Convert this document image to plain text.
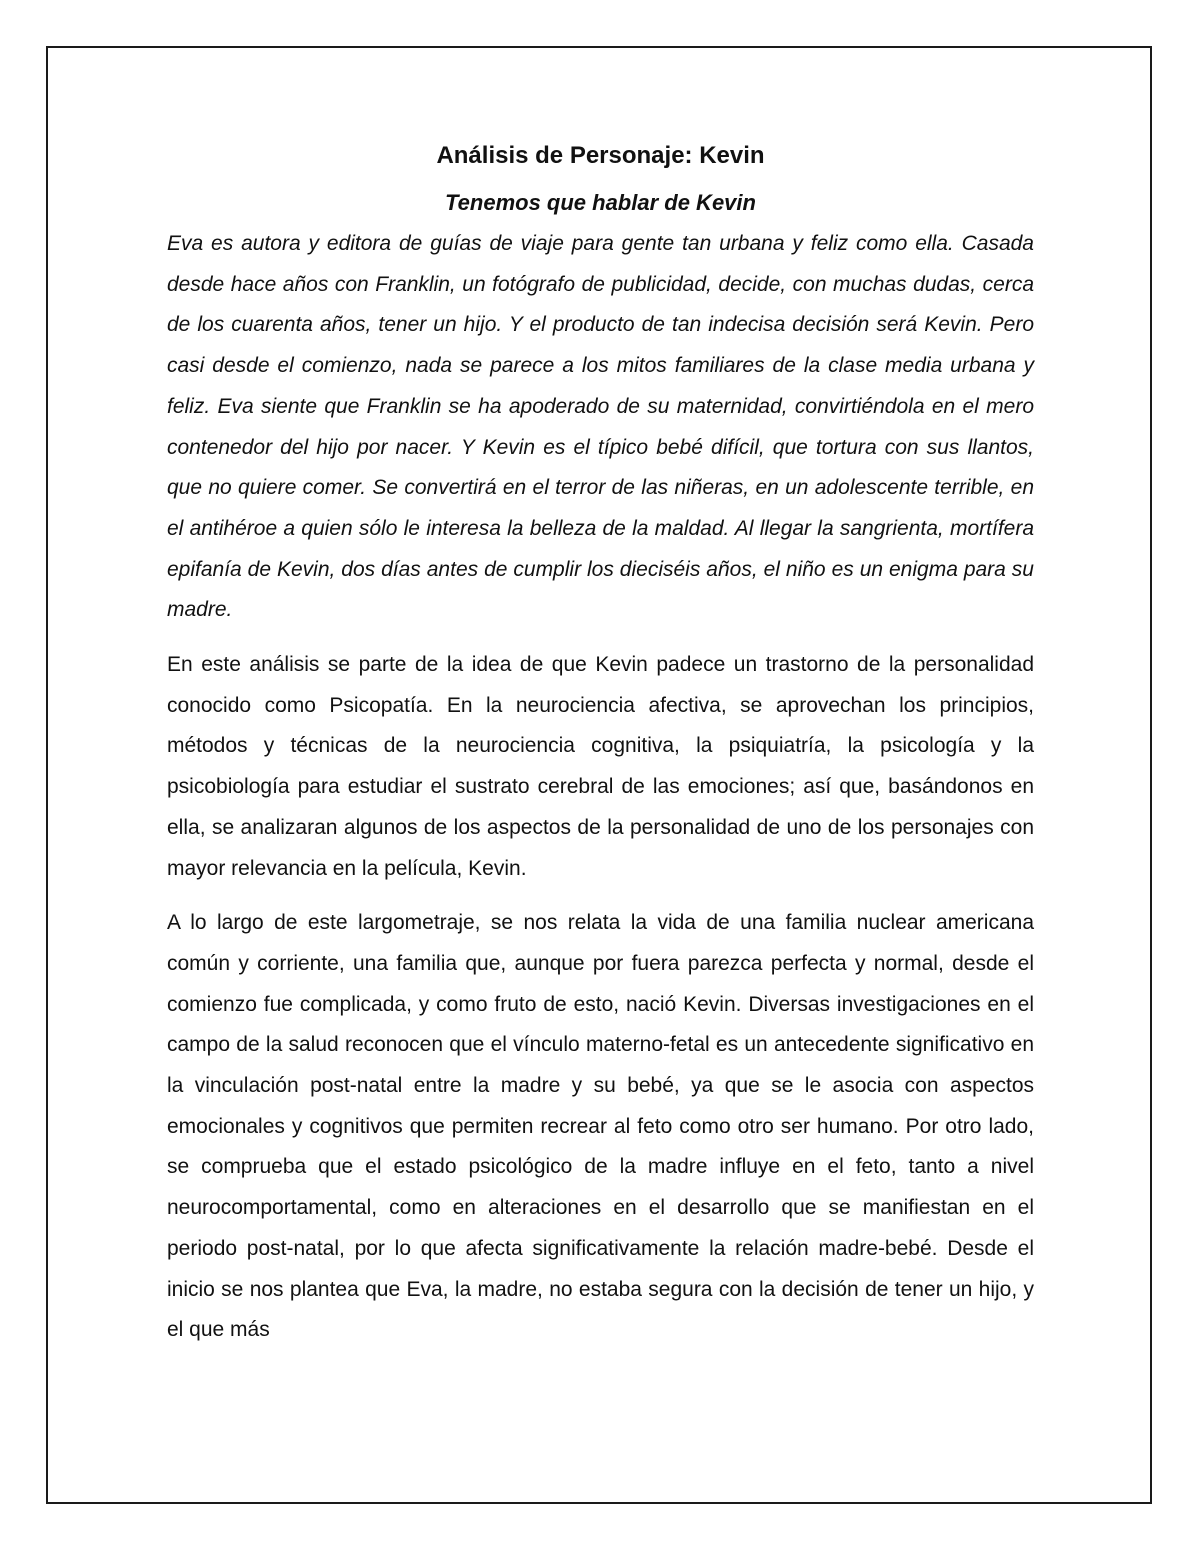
Análisis de Personaje: Kevin
Tenemos que hablar de Kevin

Eva es autora y editora de guías de viaje para gente tan urbana y feliz como ella. Casada desde hace años con Franklin, un fotógrafo de publicidad, decide, con muchas dudas, cerca de los cuarenta años, tener un hijo. Y el producto de tan indecisa decisión será Kevin. Pero casi desde el comienzo, nada se parece a los mitos familiares de la clase media urbana y feliz. Eva siente que Franklin se ha apoderado de su maternidad, convirtiéndola en el mero contenedor del hijo por nacer. Y Kevin es el típico bebé difícil, que tortura con sus llantos, que no quiere comer. Se convertirá en el terror de las niñeras, en un adolescente terrible, en el antihéroe a quien sólo le interesa la belleza de la maldad. Al llegar la sangrienta, mortífera epifanía de Kevin, dos días antes de cumplir los dieciséis años, el niño es un enigma para su madre.

En este análisis se parte de la idea de que Kevin padece un trastorno de la personalidad conocido como Psicopatía. En la neurociencia afectiva, se aprovechan los principios, métodos y técnicas de la neurociencia cognitiva, la psiquiatría, la psicología y la psicobiología para estudiar el sustrato cerebral de las emociones; así que, basándonos en ella, se analizaran algunos de los aspectos de la personalidad de uno de los personajes con mayor relevancia en la película, Kevin.

A lo largo de este largometraje, se nos relata la vida de una familia nuclear americana común y corriente, una familia que, aunque por fuera parezca perfecta y normal, desde el comienzo fue complicada, y como fruto de esto, nació Kevin. Diversas investigaciones en el campo de la salud reconocen que el vínculo materno-fetal es un antecedente significativo en la vinculación post-natal entre la madre y su bebé, ya que se le asocia con aspectos emocionales y cognitivos que permiten recrear al feto como otro ser humano. Por otro lado, se comprueba que el estado psicológico de la madre influye en el feto, tanto a nivel neurocomportamental, como en alteraciones en el desarrollo que se manifiestan en el periodo post-natal, por lo que afecta significativamente la relación madre-bebé. Desde el inicio se nos plantea que Eva, la madre, no estaba segura con la decisión de tener un hijo, y el que más
